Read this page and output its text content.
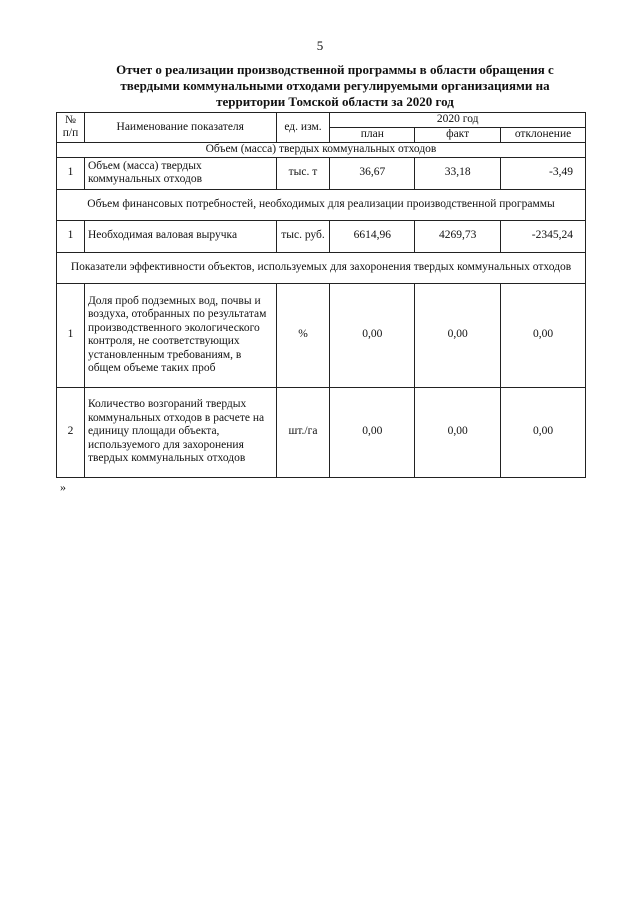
5
Отчет о реализации производственной программы в области обращения с твердыми коммунальными отходами регулируемыми организациями на территории Томской области за 2020 год
№ п/п	Наименование показателя	ед. изм.	2020 год		
			план	факт	отклонение
Объем (масса) твердых коммунальных отходов					
1	Объем (масса) твердых коммунальных отходов	тыс. т	36,67	33,18	-3,49
Объем финансовых потребностей, необходимых для реализации производственной программы					
1	Необходимая валовая выручка	тыс. руб.	6614,96	4269,73	-2345,24
Показатели эффективности объектов, используемых для захоронения твердых коммунальных отходов					
1	Доля проб подземных вод, почвы и воздуха, отобранных по результатам производственного экологического контроля, не соответствующих установленным требованиям, в общем объеме таких проб	%	0,00	0,00	0,00
2	Количество возгораний твердых коммунальных отходов в расчете на единицу площади объекта, используемого для захоронения твердых коммунальных отходов	шт./га	0,00	0,00	0,00
»
